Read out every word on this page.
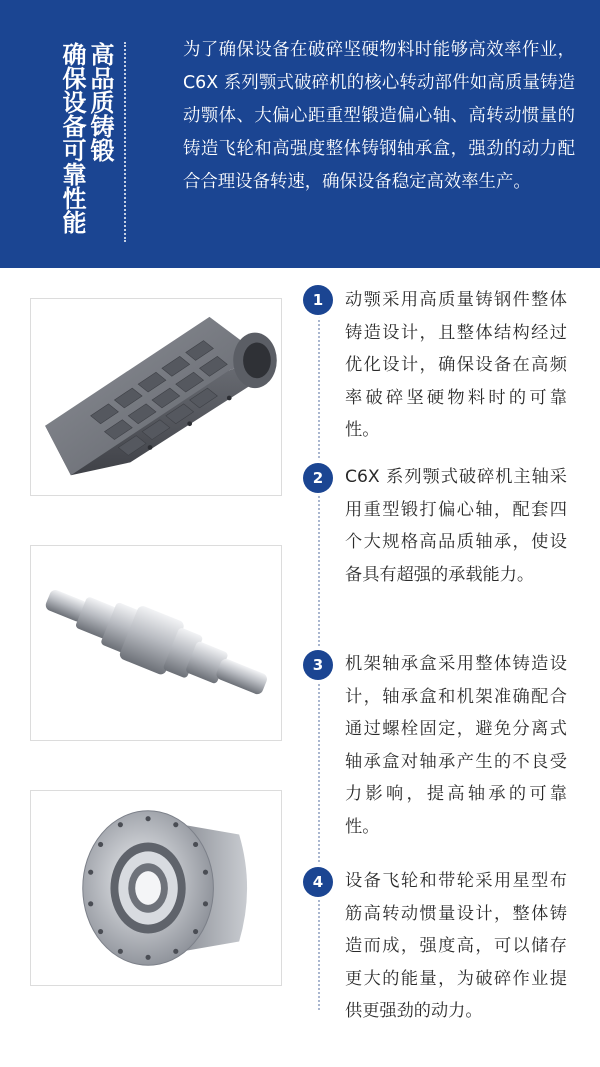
高品质铸锻
确保设备可靠性能	为了确保设备在破碎坚硬物料时能够高效率作业，C6X 系列颚式破碎机的核心转动部件如高质量铸造动颚体、大偏心距重型锻造偏心轴、高转动惯量的铸造飞轮和高强度整体铸钢轴承盒，强劲的动力配合合理设备转速，确保设备稳定高效率生产。

1	动颚采用高质量铸钢件整体铸造设计，且整体结构经过优化设计，确保设备在高频率破碎坚硬物料时的可靠性。

2	C6X 系列颚式破碎机主轴采用重型锻打偏心轴，配套四个大规格高品质轴承，使设备具有超强的承载能力。

3	机架轴承盒采用整体铸造设计，轴承盒和机架准确配合通过螺栓固定，避免分离式轴承盒对轴承产生的不良受力影响，提高轴承的可靠性。

4	设备飞轮和带轮采用星型布筋高转动惯量设计，整体铸造而成，强度高，可以储存更大的能量，为破碎作业提供更强劲的动力。
